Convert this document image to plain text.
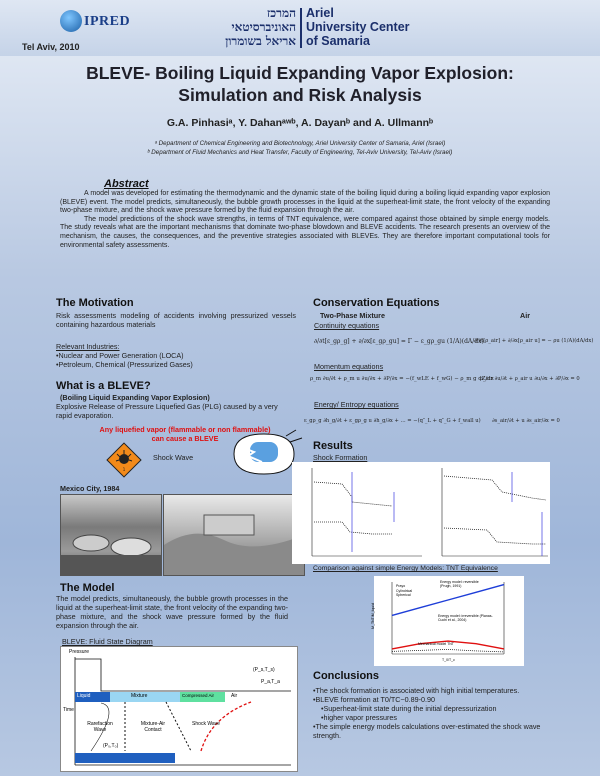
IPRED
Tel Aviv, 2010
המרכז
האוניברסיטאי
אריאל בשומרון
Ariel
University Center
of Samaria
BLEVE- Boiling Liquid Expanding Vapor Explosion:
Simulation and Risk Analysis
G.A. Pinhasiᵃ, Y. Dahanᵃʷᵇ, A. Dayanᵇ and A. Ullmannᵇ
ᵃ Department of Chemical Engineering and Biotechnology, Ariel University Center of Samaria, Ariel (Israel)
ᵇ Department of Fluid Mechanics and Heat Transfer, Faculty of Engineering, Tel-Aviv University, Tel-Aviv (Israel)
Abstract

A model was developed for estimating the thermodynamic and the dynamic state of the boiling liquid during a boiling liquid expanding vapor explosion (BLEVE) event. The model predicts, simultaneously, the bubble growth processes in the liquid at the superheat-limit state, the front velocity of the expanding two-phase mixture, and the shock wave pressure formed by the fluid expansion through the air.

The model predictions of the shock wave strengths, in terms of TNT equivalence, were compared against those obtained by simple energy models. The study reveals what are the important mechanisms that dominate two-phase blowdown and BLEVE accidents. The research presents an overview of the mechanism, the causes, the consequences, and the preventive strategies associated with BLEVEs. They are therefore important computational tools for environmental safety assessments.

The Motivation
Risk assessments modeling of accidents involving pressurized vessels containing hazardous materials
Relevant Industries:
•Nuclear and Power Generation (LOCA)
•Petroleum, Chemical (Pressurized Gases)
What is a BLEVE?
(Boiling Liquid Expanding Vapor Explosion)
Explosive Release of Pressure Liquefied Gas (PLG) caused by a very rapid evaporation.
Any liquefied vapor (flammable or non flammable)
can cause a BLEVE
1
Shock Wave
Mexico City, 1984
The Model
The model predicts, simultaneously, the bubble growth processes in the liquid at the superheat-limit state, the front velocity of the expanding two-phase mixture, and the shock wave pressure formed by the fluid expansion through the air.
BLEVE: Fluid State Diagram
Pressure
Time
Rarefaction Wave
Mixture-Air Contact
Shock Wave
Liquid	Air
Compressed Air
Mixture
(P₀,T₀)
P_a,T_a
(P_s,T_s)
Conservation Equations
Two-Phase Mixture	Air
Continuity equations
∂/∂t[ε_gρ_g] + ∂/∂x[ε_gρ_gu] = Γ − ε_gρ_gu (1/A)(dA/dx)
∂/∂t[ρ_air] + ∂/∂x[ρ_air u] = − ρu (1/A)(dA/dx)
Momentum equations
ρ_m ∂u/∂t + ρ_m u ∂u/∂x + ∂P/∂x = −(f_wLE + f_wG) − ρ_m g dZ/dx
ρ_air ∂u/∂t + ρ_air u ∂u/∂x + ∂P/∂x = 0
Energy/ Entropy equations
ε_gρ_g ∂h_g/∂t + ε_gρ_g u ∂h_g/∂x + … = −(q″_L + q″_G + f_wall u) ∂s_air/∂t + u ∂s_air/∂x = 0
Results
Shock Formation
Comparison against simple Energy Models: TNT Equivalence
Prayo
Cylindrical
Spherical
Energy model: reversible (Prugh, 1991)
Energy model: irreversible (Planas-Cuchi et al., 2004)
Mechanical model TNT
M_TNT/M_liquid
T_0/T_c
Conclusions
•The shock formation is associated with high initial temperatures.
•BLEVE formation at T0/TC~0.89-0.90
•Superheat-limit state during the initial depressurization
•higher vapor pressures
•The simple energy models calculations over-estimated the shock wave strength.
